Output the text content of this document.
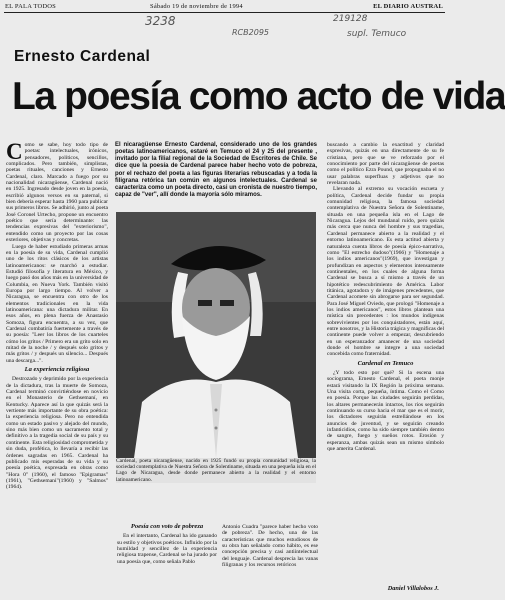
EL PALA TODOS	Sábado 19 de noviembre de 1994	EL DIARIO AUSTRAL
3238	219128
RCB2095	supl. Temuco
Ernesto Cardenal
La poesía como acto de vida
C omo se sabe, hoy todo tipo de poetas: intelectuales, irónicos, pensadores, políticos, sencillos, complicados. Pero también, simplistas, poetas rituales, canciones y Ernesto Cardenal, claro. Marcado a fuego por su nacionalidad nicaragüense, Cardenal nació en 1925. Ingresado desde joven en la poesía, escribió algunos versos en su paternal, si bien debería esperar hasta 1960 para publicar sus primeros libros. Se adhirió, junto al poeta José Coronel Urtecho, propone un encuentro poético que sería determinante: las tendencias expresivas del "exteriorismo", entendido como un proyecto por las cosas exteriores, objetivas y concretas.
Luego de haber estudiado primeras armas en la poesía de su vida, Cardenal cumplió uno de los ritos clásicos de los artistas latinoamericanos: se marchó a estudiar. Estudió filosofía y literatura en México, y luego pasó dos años más en la universidad de Columbia, en Nueva York. También visitó Europa por largo tiempo. Al volver a Nicaragua, se encuentra con otro de los elementos tradicionales en la vida latinoamericana: una dictadura militar. En esos años, en plena fuerza de Anastasio Somoza, figura encuentra, a su vez, que Cardenal combatiría fuertemente a través de su poesía: "Leer los libros de los cuarteles cómo los gritos / Primero era un grito solo en mitad de la noche / y después solo gritos y más gritos / y después un silencio... Después una descarga...".
La experiencia religiosa
Destrozado y deprimido por la experiencia de la dictadura, tras la muerte de Somoza, Cardenal terminó convirtiéndose en novicio en el Monasterio de Gethsemaní, en Kentucky. Aparece así la que quizás será la vertiente más importante de su obra poética: la experiencia religiosa. Pero no entendida como un estado pasivo y alejado del mundo, sino más bien como un sacramento total y definitivo a la tragedia social de su país y su continente. Esta religiosidad comprometida y sin duda, profética, lo llevaría a recibir las órdenes sagradas en 1965. Cardenal ha publicado mis esperadas de su vida y su poesía poética, expresada en obras como "Hora 0" (1960), el famoso "Epigramas"(1961), "Gethsemani"(1960) y "Salmos"(1964).
El nicaragüense Ernesto Cardenal, considerado uno de los grandes poetas latinoamericanos, estaré en Temuco el 24 y 25 del presente , invitado por la filial regional de la Sociedad de Escritores de Chile. Se dice que la poesía de Cardenal parece haber hecho voto de pobreza, por el rechazo del poeta a las figuras literarias rebuscadas y a toda la filigrana retórica tan común en algunos intelectuales. Cardenal se caracteriza como un poeta directo, casi un cronista de nuestro tiempo, capaz de "ver", allí donde la mayoría sólo miramos.
Cardenal, poeta nicaragüense, nacido en 1925 fundó su propia comunidad religiosa, la sociedad contemplativa de Nuestra Señora de Solentiname, situada en una pequeña isla en el Lago de Nicaragua, desde donde permanece abierto a la realidad y el entorno latinoamericano.
Poesía con voto de pobreza
En el intertanto, Cardenal ha ido ganando su estilo y objetivos poéticos. Influido por la humildad y sencillez de la experiencia religiosa trapense, Cardenal se ha jurado por una poesía que, como señala Pablo
Antonio Cuadra "parece haber hecho voto de pobreza". De hecho, una de las características que muchos estudiosos de su obra han señalado como hábito, es ese concepción precisa y casi antiintelectual del lenguaje. Cardenal desprecia las vanas filigranas y los recursos retóricos
buscando a cambio la exactitud y claridad expresivas, quizás en una directamente de su fe cristiana, pero que se ve reforzado por el conocimiento por parte del nicaragüense de poetas como el político Ezra Pound, que propugnaba el no usar palabras superfluas y adjetivos que no revelaran nada.
Llevando al extremo su vocación escueta y política, Cardenal decide fundar su propia comunidad religiosa, la famosa sociedad contemplativa de Nuestra Señora de Solentiname, situada en una pequeña isla en el Lago de Nicaragua. Lejos del mundanal ruido, pero quizás más cerca que nunca del hombre y sus tragedias, Cardenal permanece abierto a la realidad y el entorno latinoamericano. Es esta actitud abierta y naturaleza cuenta libros de poesía épico-narrativa, como "El estrecho dudoso"(1966) y "Homenaje a los indios americanos"(1969), que investigan y profundizan en aspectos y elementos intensamente continentales, en los cuales de alguna forma Cardenal se busca a sí mismo a través de un hipotético redescubrimiento de América. Labor titánica, agotadora y de imágenes precedentes, que Cardenal acomete sin abrogarse para ser segundad. Para José Miguel Oviedo, que prologó "Homenaje a los indios americanos", estos libros plantean una mística sin precedentes : los mundos indígenas sobrevivientes por los conquistadores, están aquí, entre nosotros, y la Historia trágica y magníficas del continente puede volver a empezar, descubriendo en un esperanzador amanecer de una sociedad donde el hombre se integre a una sociedad concebida como fraternidad.
Cardenal en Temuco
¿Y todo esto por qué? Si la escena una sociograma, Ernesto Cardenal, el poeta monje estará visitando la IX Región la próxima semana. Una visita corta, pequeña, íntima. Como el Como en poesía. Porque las ciudades seguirán perdidas, los altares permanecerán intactos, los ríos seguirán continuando su curso hacia el mar que es el morir, los dictadores seguirán estrellándose en los anuncios de juventud, y se seguirán creando infanticidios, como ha sido siempre también dentro de sangre, fuego y sueños rotos. Erosión y esperanza, ambas quizás sean un mismo símbolo que amerita Cardenal.
Daniel Villalobos J.
